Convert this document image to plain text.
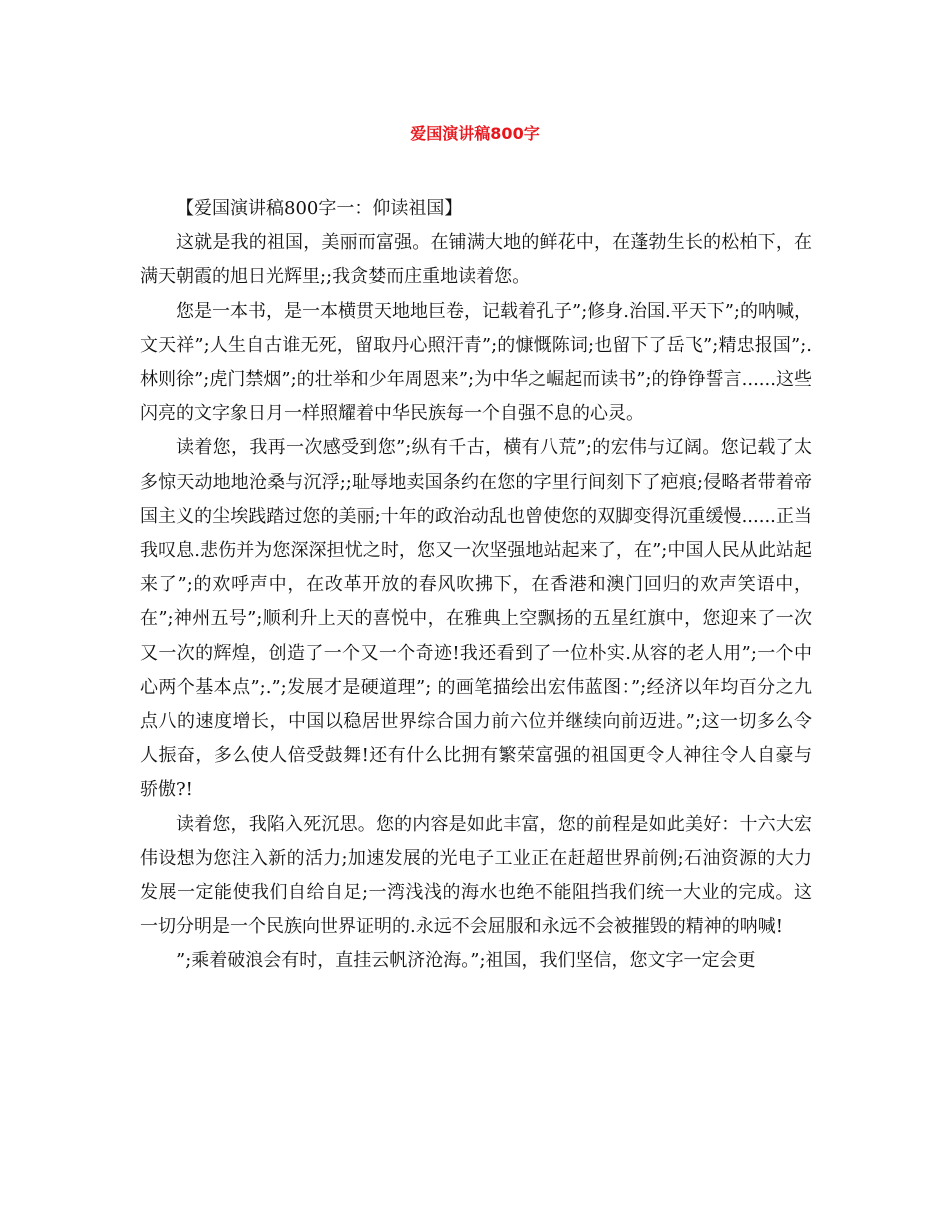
爱国演讲稿800字

【爱国演讲稿800字一：仰读祖国】

这就是我的祖国，美丽而富强。在铺满大地的鲜花中，在蓬勃生长的松柏下，在满天朝霞的旭日光辉里;;我贪婪而庄重地读着您。

您是一本书，是一本横贯天地地巨卷，记载着孔子”;修身.治国.平天下”;的呐喊，文天祥”;人生自古谁无死，留取丹心照汗青”;的慷慨陈词;也留下了岳飞”;精忠报国”;.林则徐”;虎门禁烟”;的壮举和少年周恩来”;为中华之崛起而读书”;的铮铮誓言......这些闪亮的文字象日月一样照耀着中华民族每一个自强不息的心灵。

读着您，我再一次感受到您”;纵有千古，横有八荒”;的宏伟与辽阔。您记载了太多惊天动地地沧桑与沉浮;;耻辱地卖国条约在您的字里行间刻下了疤痕;侵略者带着帝国主义的尘埃践踏过您的美丽;十年的政治动乱也曾使您的双脚变得沉重缓慢......正当我叹息.悲伤并为您深深担忧之时，您又一次坚强地站起来了，在”;中国人民从此站起来了”;的欢呼声中，在改革开放的春风吹拂下，在香港和澳门回归的欢声笑语中，在”;神州五号”;顺利升上天的喜悦中，在雅典上空飘扬的五星红旗中，您迎来了一次又一次的辉煌，创造了一个又一个奇迹!我还看到了一位朴实.从容的老人用”;一个中心两个基本点”;.”;发展才是硬道理”; 的画笔描绘出宏伟蓝图：”;经济以年均百分之九点八的速度增长，中国以稳居世界综合国力前六位并继续向前迈进。”;这一切多么令人振奋，多么使人倍受鼓舞!还有什么比拥有繁荣富强的祖国更令人神往令人自豪与骄傲?!

读着您，我陷入死沉思。您的内容是如此丰富，您的前程是如此美好：十六大宏伟设想为您注入新的活力;加速发展的光电子工业正在赶超世界前例;石油资源的大力发展一定能使我们自给自足;一湾浅浅的海水也绝不能阻挡我们统一大业的完成。这一切分明是一个民族向世界证明的.永远不会屈服和永远不会被摧毁的精神的呐喊!

”;乘着破浪会有时，直挂云帆济沧海。”;祖国，我们坚信，您文字一定会更
